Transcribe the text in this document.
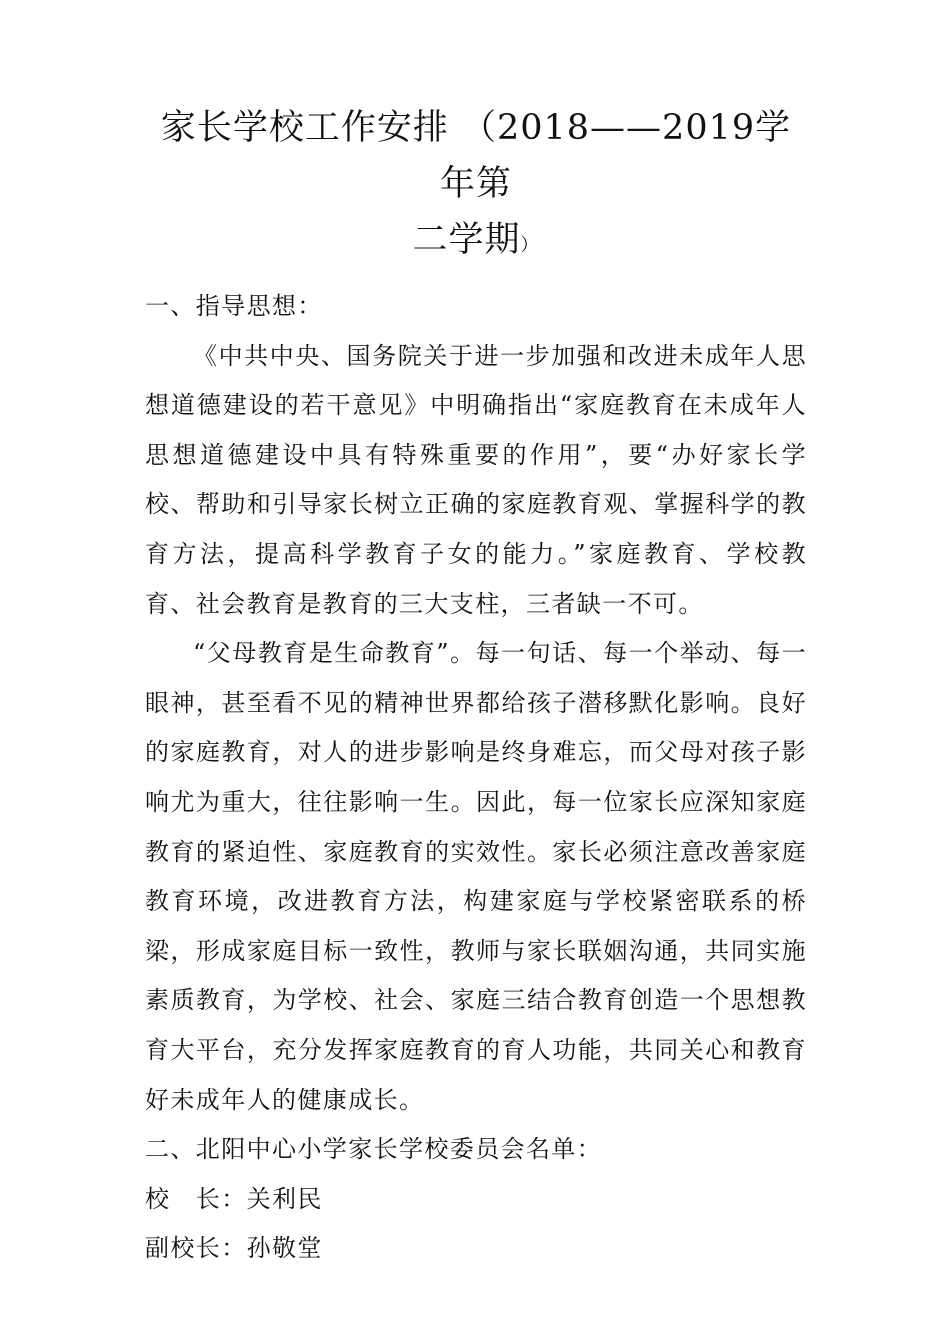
家长学校工作安排 （2018——2019学年第
二学期）

一、指导思想：

《中共中央、国务院关于进一步加强和改进未成年人思想道德建设的若干意见》中明确指出“家庭教育在未成年人思想道德建设中具有特殊重要的作用”，要“办好家长学校、帮助和引导家长树立正确的家庭教育观、掌握科学的教育方法，提高科学教育子女的能力。”家庭教育、学校教育、社会教育是教育的三大支柱，三者缺一不可。

“父母教育是生命教育”。每一句话、每一个举动、每一眼神，甚至看不见的精神世界都给孩子潜移默化影响。良好的家庭教育，对人的进步影响是终身难忘，而父母对孩子影响尤为重大，往往影响一生。因此，每一位家长应深知家庭教育的紧迫性、家庭教育的实效性。家长必须注意改善家庭教育环境，改进教育方法，构建家庭与学校紧密联系的桥梁，形成家庭目标一致性，教师与家长联姻沟通，共同实施素质教育，为学校、社会、家庭三结合教育创造一个思想教育大平台，充分发挥家庭教育的育人功能，共同关心和教育好未成年人的健康成长。

二、北阳中心小学家长学校委员会名单：

校　长：关利民

副校长：孙敬堂
